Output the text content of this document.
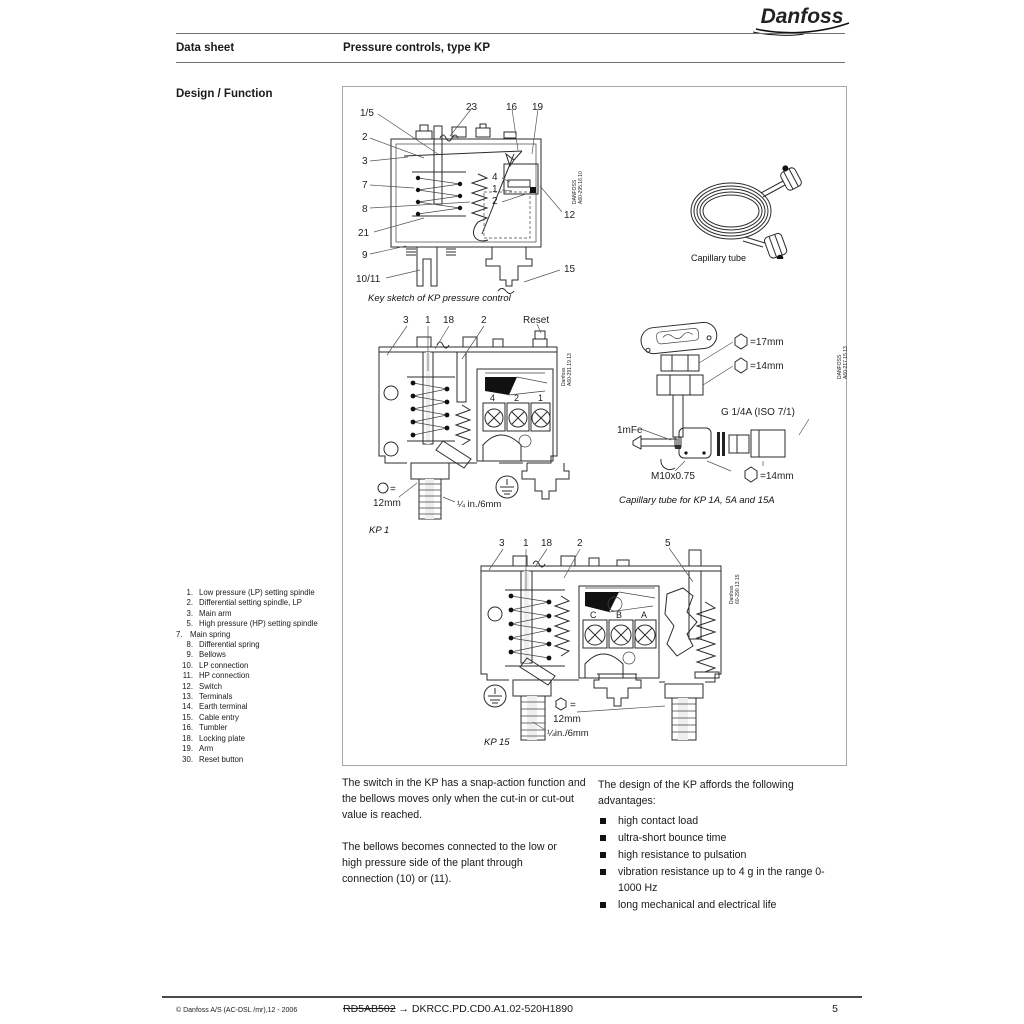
Danfoss
Data sheet	Pressure controls, type KP
Design / Function
1/5
2
3
7
8
21
9
10/11
23	16 19
12
15
4
1
2	DANFOSS A60-295.16.10
Key sketch of KP pressure control
Capillary tube
3 1 18	2	Reset
4 2 1
=
12mm	¼ in./6mm
Danfoss A60-291.19.13
KP 1
=17mm
=14mm
1mFe
G 1/4A (ISO 7/1)
M10x0.75	=14mm
DANFOSS A60-217.15.13
Capillary tube for KP 1A, 5A and 15A
3 1 18 2	5
C B A
=
12mm
¼in./6mm
Danfoss 60-290.13.15
KP 15
1. Low pressure (LP) setting spindle
2. Differential setting spindle, LP
3. Main arm
5. High pressure (HP) setting spindle
7. Main spring
8. Differential spring
9. Bellows
10. LP connection
11. HP connection
12. Switch
13. Terminals
14. Earth terminal
15. Cable entry
16. Tumbler
18. Locking plate
19. Arm
30. Reset button

The switch in the KP has a snap-action function and the bellows moves only when the cut-in or cut-out value is reached.

The bellows becomes connected to the low or high pressure side of the plant through connection (10) or (11).

The design of the KP affords the following advantages:

high contact load
ultra-short bounce time
high resistance to pulsation
vibration resistance up to 4 g in the range 0-1000 Hz
long mechanical and electrical life
© Danfoss A/S (AC-DSL /mr),12 - 2006	RD5AB502 → DKRCC.PD.CD0.A1.02-520H1890	5
